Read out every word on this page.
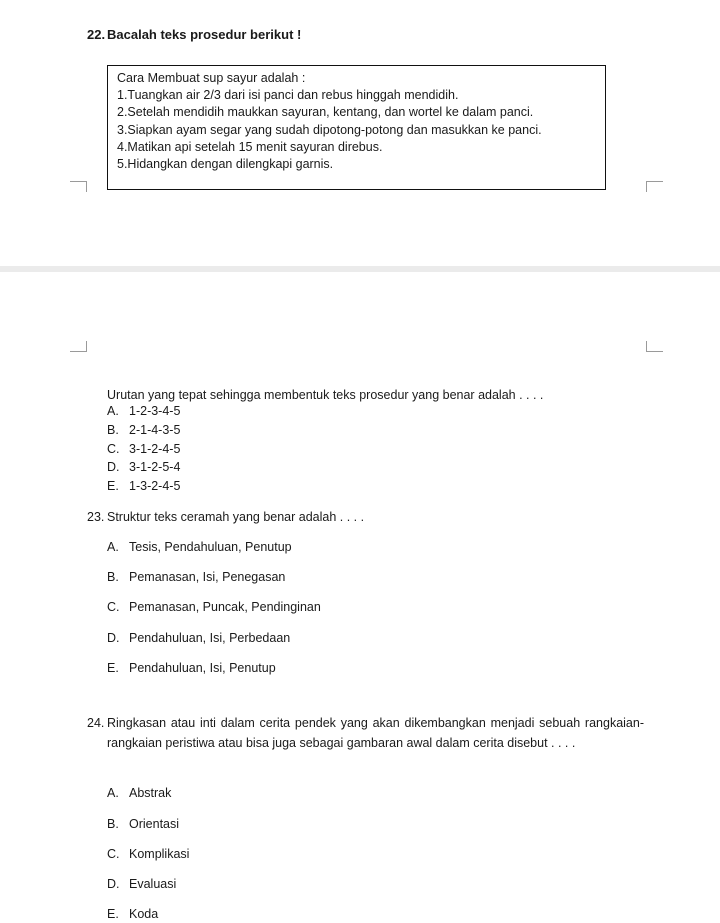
22. Bacalah teks prosedur berikut !
Cara Membuat sup sayur adalah :
1.Tuangkan air 2/3 dari isi panci dan rebus hinggah mendidih.
2.Setelah mendidih maukkan sayuran, kentang, dan wortel ke dalam panci.
3.Siapkan ayam segar yang sudah dipotong-potong dan masukkan ke panci.
4.Matikan api setelah 15 menit sayuran direbus.
5.Hidangkan dengan dilengkapi garnis.
Urutan yang tepat sehingga membentuk teks prosedur yang benar adalah . . . .
A. 1-2-3-4-5
B. 2-1-4-3-5
C. 3-1-2-4-5
D. 3-1-2-5-4
E. 1-3-2-4-5
23. Struktur teks ceramah yang benar adalah . . . .
A. Tesis, Pendahuluan, Penutup
B. Pemanasan, Isi, Penegasan
C. Pemanasan, Puncak, Pendinginan
D. Pendahuluan, Isi, Perbedaan
E. Pendahuluan, Isi, Penutup
24. Ringkasan atau inti dalam cerita pendek yang akan dikembangkan menjadi sebuah rangkaian-rangkaian peristiwa atau bisa juga sebagai gambaran awal dalam cerita disebut . . . .
A. Abstrak
B. Orientasi
C. Komplikasi
D. Evaluasi
E. Koda
